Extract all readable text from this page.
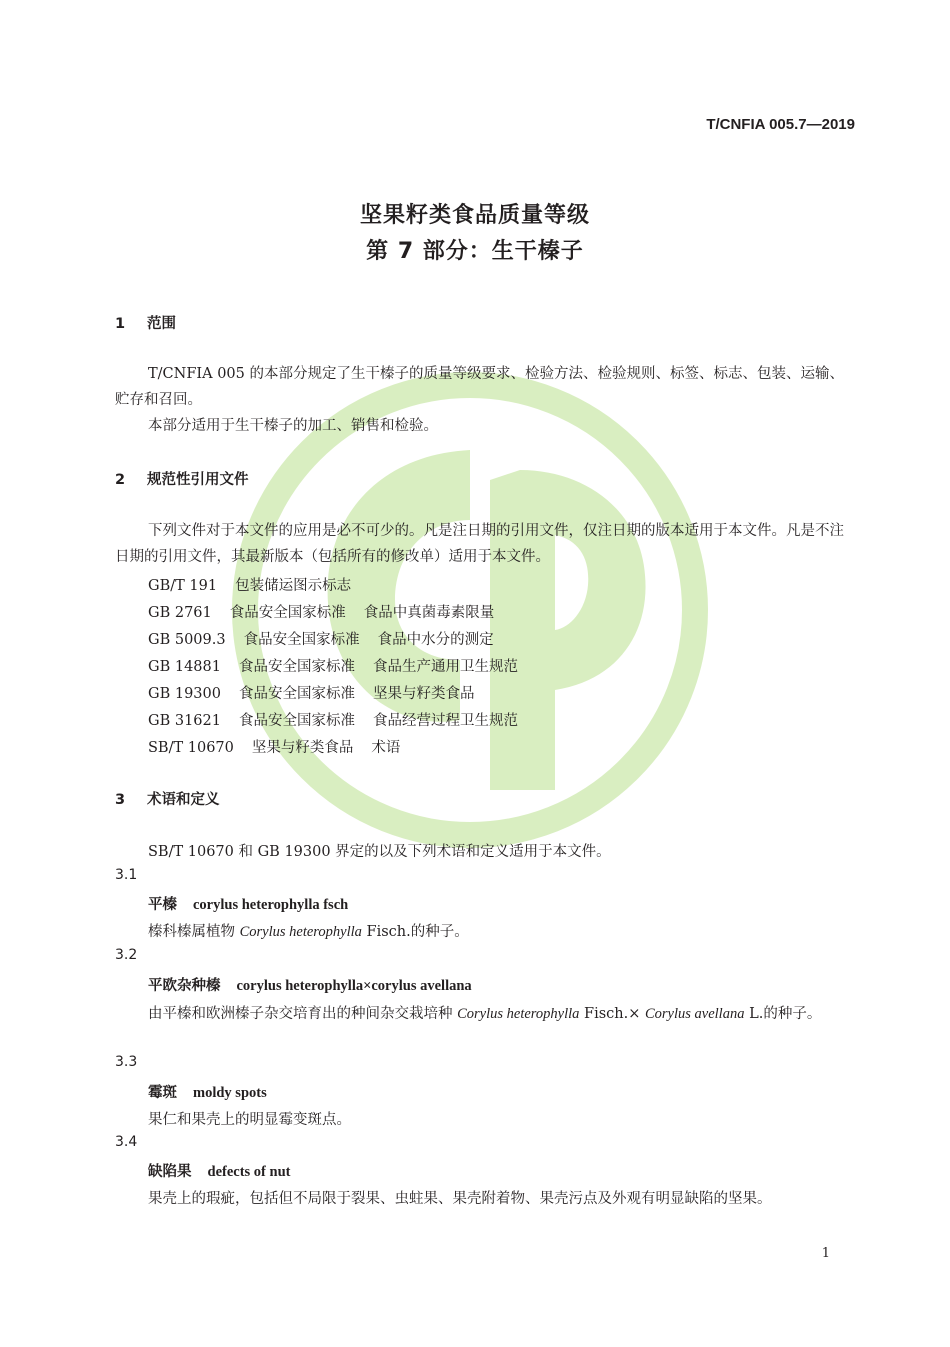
T/CNFIA 005.7—2019
坚果籽类食品质量等级
第 7 部分：生干榛子
1 范围
T/CNFIA 005 的本部分规定了生干榛子的质量等级要求、检验方法、检验规则、标签、标志、包装、运输、贮存和召回。
本部分适用于生干榛子的加工、销售和检验。
2 规范性引用文件
下列文件对于本文件的应用是必不可少的。凡是注日期的引用文件，仅注日期的版本适用于本文件。凡是不注日期的引用文件，其最新版本（包括所有的修改单）适用于本文件。
GB/T 191 包装储运图示标志
GB 2761 食品安全国家标准 食品中真菌毒素限量
GB 5009.3 食品安全国家标准 食品中水分的测定
GB 14881 食品安全国家标准 食品生产通用卫生规范
GB 19300 食品安全国家标准 坚果与籽类食品
GB 31621 食品安全国家标准 食品经营过程卫生规范
SB/T 10670 坚果与籽类食品 术语
3 术语和定义
SB/T 10670 和 GB 19300 界定的以及下列术语和定义适用于本文件。
3.1
平榛 corylus heterophylla fsch
榛科榛属植物 Corylus heterophylla Fisch.的种子。
3.2
平欧杂种榛 corylus heterophylla×corylus avellana
由平榛和欧洲榛子杂交培育出的种间杂交栽培种 Corylus heterophylla Fisch.× Corylus avellana L.的种子。
3.3
霉斑 moldy spots
果仁和果壳上的明显霉变斑点。
3.4
缺陷果 defects of nut
果壳上的瑕疵，包括但不局限于裂果、虫蛀果、果壳附着物、果壳污点及外观有明显缺陷的坚果。
1
